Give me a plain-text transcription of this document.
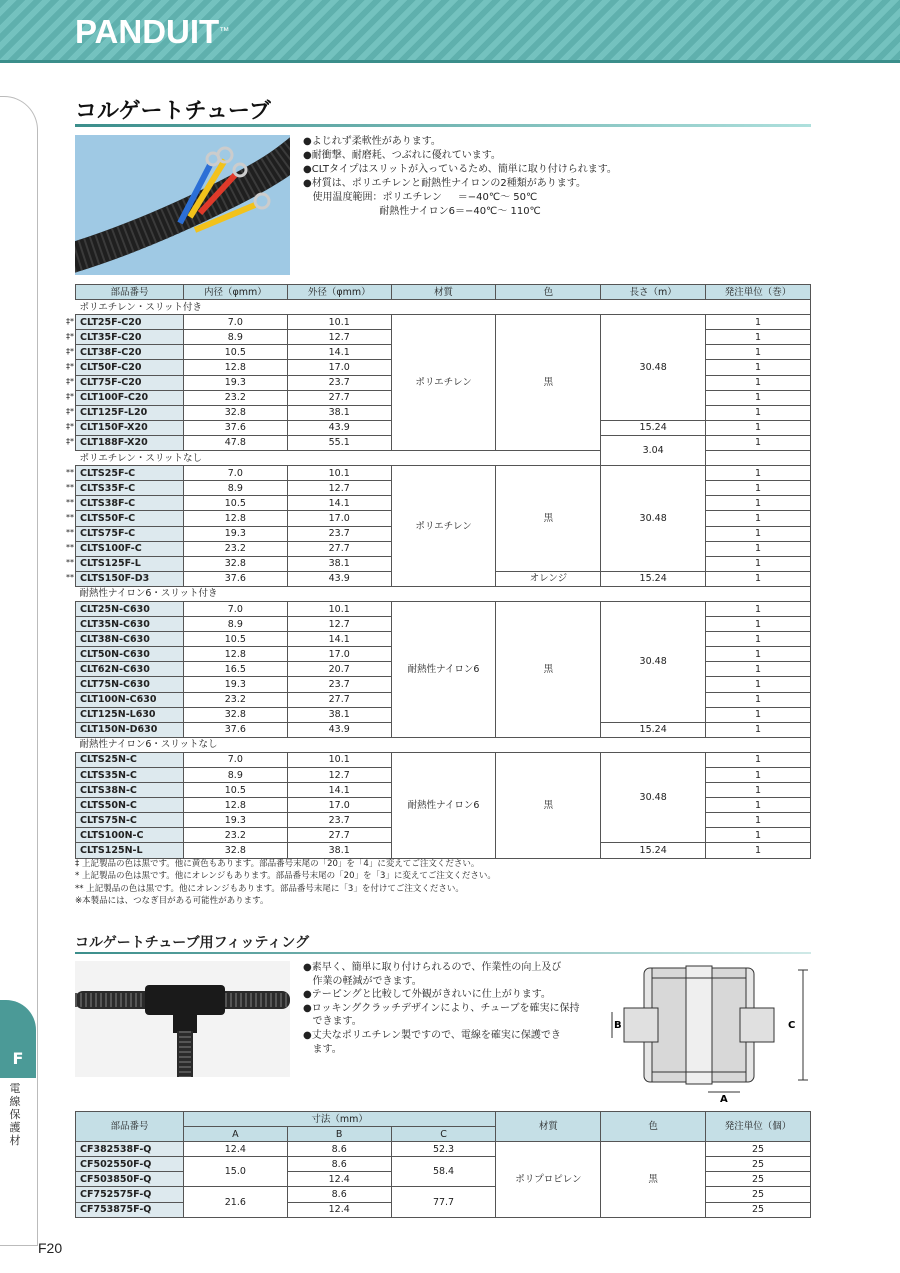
PANDUIT™
F
電
線
保
護
材
F20
コルゲートチューブ
●よじれず柔軟性があります。
●耐衝撃、耐磨耗、つぶれに優れています。
●CLTタイプはスリットが入っているため、簡単に取り付けられます。
●材質は、ポリエチレンと耐熱性ナイロンの2種類があります。
使用温度範囲：ポリエチレン     ＝−40℃～ 50℃
耐熱性ナイロン6＝−40℃～ 110℃
‡*
‡*
‡*
‡*
‡*
‡*
‡*
‡*
‡*
**
**
**
**
**
**
**
**
部品番号	内径（φmm）	外径（φmm）	材質	色	長さ（m）	発注単位（巻）
ポリエチレン・スリット付き						
CLT25F-C20	7.0	10.1	ポリエチレン	黒	30.48	1
CLT35F-C20	8.9	12.7				1
CLT38F-C20	10.5	14.1				1
CLT50F-C20	12.8	17.0				1
CLT75F-C20	19.3	23.7				1
CLT100F-C20	23.2	27.7				1
CLT125F-L20	32.8	38.1				1
CLT150F-X20	37.6	43.9			15.24	1
CLT188F-X20	47.8	55.1			3.04	1
ポリエチレン・スリットなし						
CLTS25F-C	7.0	10.1	ポリエチレン	黒	30.48	1
CLTS35F-C	8.9	12.7				1
CLTS38F-C	10.5	14.1				1
CLTS50F-C	12.8	17.0				1
CLTS75F-C	19.3	23.7				1
CLTS100F-C	23.2	27.7				1
CLTS125F-L	32.8	38.1				1
CLTS150F-D3	37.6	43.9		オレンジ	15.24	1
耐熱性ナイロン6・スリット付き						
CLT25N-C630	7.0	10.1	耐熱性ナイロン6	黒	30.48	1
CLT35N-C630	8.9	12.7				1
CLT38N-C630	10.5	14.1				1
CLT50N-C630	12.8	17.0				1
CLT62N-C630	16.5	20.7				1
CLT75N-C630	19.3	23.7				1
CLT100N-C630	23.2	27.7				1
CLT125N-L630	32.8	38.1				1
CLT150N-D630	37.6	43.9			15.24	1
耐熱性ナイロン6・スリットなし						
CLTS25N-C	7.0	10.1	耐熱性ナイロン6	黒	30.48	1
CLTS35N-C	8.9	12.7				1
CLTS38N-C	10.5	14.1				1
CLTS50N-C	12.8	17.0				1
CLTS75N-C	19.3	23.7				1
CLTS100N-C	23.2	27.7				1
CLTS125N-L	32.8	38.1			15.24	1
‡ 上記製品の色は黒です。他に黄色もあります。部品番号末尾の「20」を「4」に変えてご注文ください。
* 上記製品の色は黒です。他にオレンジもあります。部品番号末尾の「20」を「3」に変えてご注文ください。
** 上記製品の色は黒です。他にオレンジもあります。部品番号末尾に「3」を付けてご注文ください。
※本製品には、つなぎ目がある可能性があります。
コルゲートチューブ用フィッティング
●素早く、簡単に取り付けられるので、作業性の向上及び
作業の軽減ができます。
●テーピングと比較して外観がきれいに仕上がります。
●ロッキングクラッチデザインにより、チューブを確実に保持
できます。
●丈夫なポリエチレン製ですので、電線を確実に保護でき
ます。
C
B
A
部品番号	寸法（mm）			材質	色	発注単位（個）
	A	B	C			
CF382538F-Q	12.4	8.6	52.3	ポリプロピレン	黒	25
CF502550F-Q	15.0	8.6	58.4			25
CF503850F-Q		12.4				25
CF752575F-Q	21.6	8.6	77.7			25
CF753875F-Q		12.4				25
